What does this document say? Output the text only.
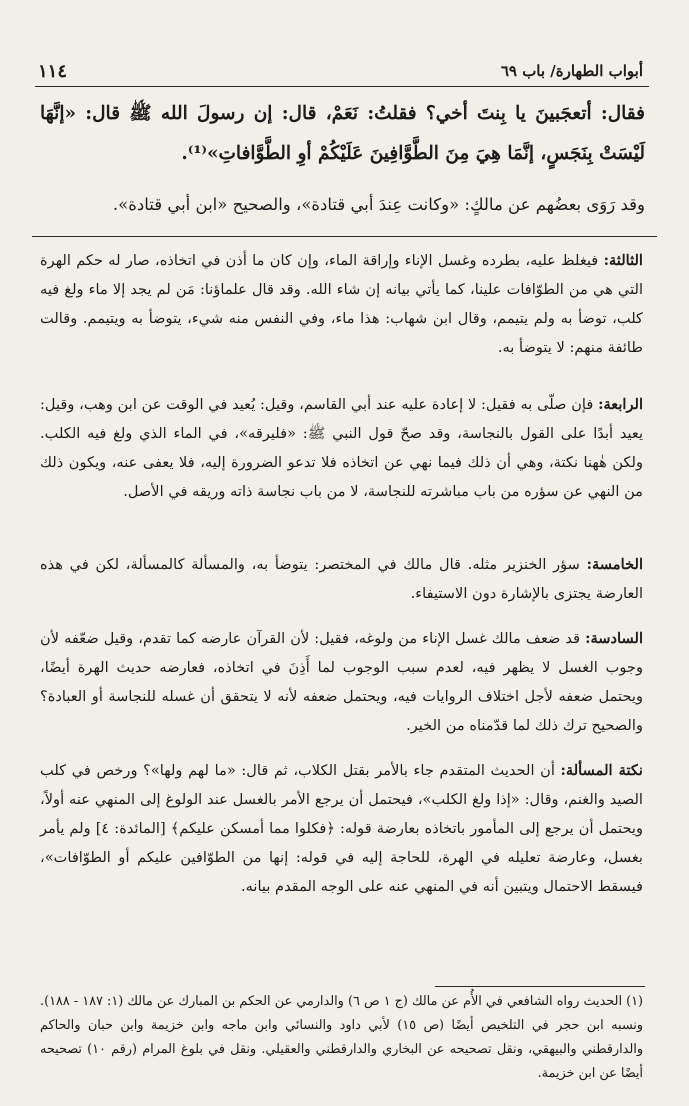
١١٤	أبواب الطهارة/ باب ٦٩
فقال: أتعجَبينَ يا بِنتَ أخي؟ فقلتُ: نَعَمْ، قال: إن رسولَ الله ﷺ قال: «إنَّهَا لَيْسَتْ بِنَجَسٍ، إنَّمَا هِيَ مِنَ الطَّوَّافِينَ عَلَيْكُمْ أوِ الطَّوَّافاتِ»⁽¹⁾.
وقد رَوَى بعضُهم عن مالكٍ: «وكانت عِندَ أبي قتادة»، والصحيح «ابن أبي قتادة».
الثالثة: فيغلظ عليه، بطرده وغسل الإناء وإراقة الماء، وإن كان ما أذن في اتخاذه، صار له حكم الهرة التي هي من الطوّافات علينا، كما يأتي بيانه إن شاء الله. وقد قال علماؤنا: مَن لم يجد إلا ماء ولغ فيه كلب، توضأ به ولم يتيمم، وقال ابن شهاب: هذا ماء، وفي النفس منه شيء، يتوضأ به ويتيمم. وقالت طائفة منهم: لا يتوضأ به.
الرابعة: فإن صلّى به فقيل: لا إعادة عليه عند أبي القاسم، وقيل: يُعيد في الوقت عن ابن وهب، وقيل: يعيد أبدًا على القول بالنجاسة، وقد صحّ قول النبي ﷺ: «فليرقه»، في الماء الذي ولغ فيه الكلب. ولكن هٰهنا نكتة، وهي أن ذلك فيما نهي عن اتخاذه فلا تدعو الضرورة إليه، فلا يعفى عنه، ويكون ذلك من النهي عن سؤره من باب مباشرته للنجاسة، لا من باب نجاسة ذاته وريقه في الأصل.
الخامسة: سؤر الخنزير مثله. قال مالك في المختصر: يتوضأ به، والمسألة كالمسألة، لكن في هذه العارضة يجتزى بالإشارة دون الاستيفاء.
السادسة: قد ضعف مالك غسل الإناء من ولوغه، فقيل: لأن القرآن عارضه كما تقدم، وقيل ضعّفه لأن وجوب الغسل لا يظهر فيه، لعدم سبب الوجوب لما أَذِنَ في اتخاذه، فعارضه حديث الهرة أيضًا، ويحتمل ضعفه لأجل اختلاف الروايات فيه، ويحتمل ضعفه لأنه لا يتحقق أن غسله للنجاسة أو العبادة؟ والصحيح ترك ذلك لما قدّمناه من الخير.
نكتة المسألة: أن الحديث المتقدم جاء بالأمر بقتل الكلاب، ثم قال: «ما لهم ولها»؟ ورخص في كلب الصيد والغنم، وقال: «إذا ولغ الكلب»، فيحتمل أن يرجع الأمر بالغسل عند الولوغ إلى المنهي عنه أولاً، ويحتمل أن يرجع إلى المأمور باتخاذه بعارضة قوله: ﴿فكلوا مما أمسكن عليكم﴾ [المائدة: ٤] ولم يأمر بغسل، وعارضة تعليله في الهرة، للحاجة إليه في قوله: إنها من الطوّافين عليكم أو الطوّافات»، فيسقط الاحتمال ويتبين أنه في المنهي عنه على الوجه المقدم بيانه.
(١) الحديث رواه الشافعي في الأُم عن مالك (ج ١ ص ٦) والدارمي عن الحكم بن المبارك عن مالك (١: ١٨٧ - ١٨٨). ونسبه ابن حجر في التلخيص أيضًا (ص ١٥) لأبي داود والنسائي وابن ماجه وابن خزيمة وابن حبان والحاكم والدارقطني والبيهقي، ونقل تصحيحه عن البخاري والدارقطني والعقيلي. ونقل في بلوغ المرام (رقم ١٠) تصحيحه أيضًا عن ابن خزيمة.
